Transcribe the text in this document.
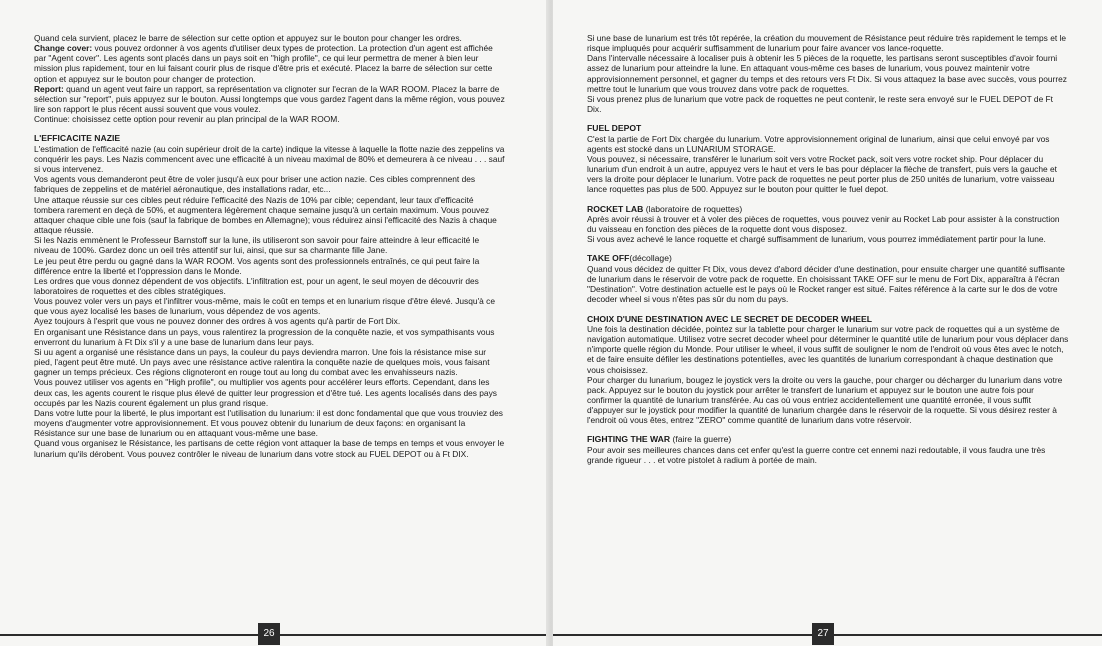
Quand cela survient, placez le barre de sélection sur cette option et appuyez sur le bouton pour changer les ordres.

Change cover: vous pouvez ordonner à vos agents d'utiliser deux types de protection. La protection d'un agent est affichée par "Agent cover". Les agents sont placés dans un pays soit en "high profile", ce qui leur permettra de mener à bien leur mission plus rapidement, tour en lui faisant courir plus de risque d'être pris et exécuté. Placez la barre de sélection sur cette option et appuyez sur le bouton pour changer de protection.

Report: quand un agent veut faire un rapport, sa représentation va clignoter sur l'ecran de la WAR ROOM. Placez la barre de sélection sur "report", puis appuyez sur le bouton. Aussi longtemps que vous gardez l'agent dans la même région, vous pouvez lire son rapport le plus récent aussi souvent que vous voulez.

Continue: choisissez cette option pour revenir au plan principal de la WAR ROOM.

L'EFFICACITE NAZIE

L'estimation de l'efficacité nazie (au coin supérieur droit de la carte) indique la vitesse à laquelle la flotte nazie des zeppelins va conquérir les pays. Les Nazis commencent avec une efficacité à un niveau maximal de 80% et demeurera à ce niveau . . . sauf si vous intervenez.

Vos agents vous demanderont peut être de voler jusqu'à eux pour briser une action nazie. Ces cibles comprennent des fabriques de zeppelins et de matériel aéronautique, des installations radar, etc...

Une attaque réussie sur ces cibles peut réduire l'efficacité des Nazis de 10% par cible; cependant, leur taux d'efficacité tombera rarement en deçà de 50%, et augmentera légèrement chaque semaine jusqu'à un certain maximum. Vous pouvez attaquer chaque cible une fois (sauf la fabrique de bombes en Allemagne); vous réduirez ainsi l'efficacité des Nazis à chaque attaque réussie.

Si les Nazis emmènent le Professeur Barnstoff sur la lune, ils utiliseront son savoir pour faire atteindre à leur efficacité le niveau de 100%. Gardez donc un oeil très attentif sur lui, ainsi, que sur sa charmante fille Jane.

Le jeu peut être perdu ou gagné dans la WAR ROOM. Vos agents sont des professionnels entraînés, ce qui peut faire la différence entre la liberté et l'oppression dans le Monde.

Les ordres que vous donnez dépendent de vos objectifs. L'infiltration est, pour un agent, le seul moyen de découvrir des laboratoires de roquettes et des cibles stratégiques.

Vous pouvez voler vers un pays et l'infiltrer vous-même, mais le coût en temps et en lunarium risque d'être élevé. Jusqu'à ce que vous ayez localisé les bases de lunarium, vous dépendez de vos agents.

Ayez toujours à l'esprit que vous ne pouvez donner des ordres à vos agents qu'à partir de Fort Dix.

En organisant une Résistance dans un pays, vous ralentirez la progression de la conquête nazie, et vos sympathisants vous enverront du lunarium à Ft Dix s'il y a une base de lunarium dans leur pays.

Si uu agent a organisé une résistance dans un pays, la couleur du pays deviendra marron. Une fois la résistance mise sur pied, l'agent peut être muté. Un pays avec une résistance active ralentira la conquête nazie de quelques mois, vous faisant gagner un temps précieux. Ces régions clignoteront en rouge tout au long du combat avec les envahisseurs nazis.

Vous pouvez utiliser vos agents en "High profile", ou multiplier vos agents pour accélérer leurs efforts. Cependant, dans les deux cas, les agents courent le risque plus élevé de quitter leur progression et d'être tué. Les agents localisés dans des pays occupés par les Nazis courent également un plus grand risque.

Dans votre lutte pour la liberté, le plus important est l'utilisation du lunarium: il est donc fondamental que que vous trouviez des moyens d'augmenter votre approvisionnement. Et vous pouvez obtenir du lunarium de deux façons: en organisant la Résistance sur une base de lunarium ou en attaquant vous-même une base.

Quand vous organisez le Résistance, les partisans de cette région vont attaquer la base de temps en temps et vous envoyer le lunarium qu'ils dérobent. Vous pouvez contrôler le niveau de lunarium dans votre stock au FUEL DEPOT ou à Ft DIX.

26

Si une base de lunarium est trés tôt repérée, la création du mouvement de Résistance peut réduire très rapidement le temps et le risque impluqués pour acquérir suffisamment de lunarium pour faire avancer vos lance-roquette.

Dans l'intervalle nécessaire à localiser puis à obtenir les 5 pièces de la roquette, les partisans seront susceptibles d'avoir fourni assez de lunarium pour atteindre la lune. En attaquant vous-même ces bases de lunarium, vous pouvez maintenir votre approvisionnement personnel, et gagner du temps et des retours vers Ft Dix. Si vous attaquez la base avec succès, vous pourrez mettre tout le lunarium que vous trouvez dans votre pack de roquettes.

Si vous prenez plus de lunarium que votre pack de roquettes ne peut contenir, le reste sera envoyé sur le FUEL DEPOT de Ft Dix.

FUEL DEPOT

C'est la partie de Fort Dix chargée du lunarium. Votre approvisionnement original de lunarium, ainsi que celui envoyé par vos agents est stocké dans un LUNARIUM STORAGE.

Vous pouvez, si nécessaire, transférer le lunarium soit vers votre Rocket pack, soit vers votre rocket ship. Pour déplacer du lunarium d'un endroit à un autre, appuyez vers le haut et vers le bas pour déplacer la flèche de transfert, puis vers la gauche et vers la droite pour déplacer le lunarium. Votre pack de roquettes ne peut porter plus de 250 unités de lunarium, votre vaisseau lance roquettes pas plus de 500. Appuyez sur le bouton pour quitter le fuel depot.

ROCKET LAB (laboratoire de roquettes)

Après avoir réussi à trouver et à voler des pièces de roquettes, vous pouvez venir au Rocket Lab pour assister à la construction du vaisseau en fonction des pièces de la roquette dont vous disposez.

Si vous avez achevé le lance roquette et chargé suffisamment de lunarium, vous pourrez immédiatement partir pour la lune.

TAKE OFF(décollage)

Quand vous décidez de quitter Ft Dix, vous devez d'abord décider d'une destination, pour ensuite charger une quantité suffisante de lunarium dans le réservoir de votre pack de roquette. En choisissant TAKE OFF sur le menu de Fort Dix, apparaîtra à l'écran "Destination". Votre destination actuelle est le pays où le Rocket ranger est situé. Faites référence à la carte sur le dos de votre decoder wheel si vous n'êtes pas sûr du nom du pays.

CHOIX D'UNE DESTINATION AVEC LE SECRET DE DECODER WHEEL

Une fois la destination décidée, pointez sur la tablette pour charger le lunarium sur votre pack de roquettes qui a un système de navigation automatique. Utilisez votre secret decoder wheel pour déterminer le quantité utile de lunarium pour vous déplacer dans n'importe quelle région du Monde. Pour utiliser le wheel, il vous suffit de souligner le nom de l'endroit où vous êtes avec le notch, et de faire ensuite défiler les destinations potentielles, avec les quantités de lunarium correspondant à chaque destination que vous choisissez.

Pour charger du lunarium, bougez le joystick vers la droite ou vers la gauche, pour charger ou décharger du lunarium dans votre pack. Appuyez sur le bouton du joystick pour arrêter le transfert de lunarium et appuyez sur le bouton une autre fois pour confirmer la quantité de lunarium transférée. Au cas où vous entriez accidentellement une quantité erronée, il vous suffit d'appuyer sur le joystick pour modifier la quantité de lunarium chargée dans le réservoir de la roquette. Si vous désirez rester à l'endroit où vous êtes, entrez "ZERO" comme quantité de lunarium dans votre réservoir.

FIGHTING THE WAR (faire la guerre)

Pour avoir ses meilleures chances dans cet enfer qu'est la guerre contre cet ennemi nazi redoutable, il vous faudra une très grande rigueur . . . et votre pistolet à radium à portée de main.

27
